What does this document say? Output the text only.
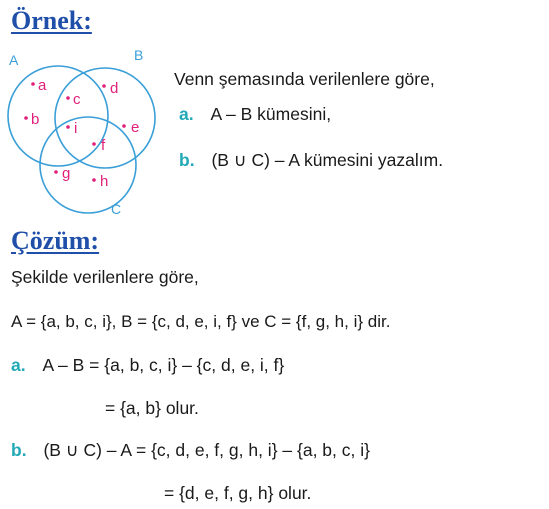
Örnek:
A	B
C
a
b
c
i
d
e
f
g h
Venn şemasında verilenlere göre,
a. A – B kümesini,
b. (B ∪ C) – A kümesini yazalım.
Çözüm:
Şekilde verilenlere göre,
A = {a, b, c, i}, B = {c, d, e, i, f} ve C = {f, g, h, i} dir.
a. A – B = {a, b, c, i} – {c, d, e, i, f}
= {a, b} olur.
b. (B ∪ C) – A = {c, d, e, f, g, h, i} – {a, b, c, i}
= {d, e, f, g, h} olur.
